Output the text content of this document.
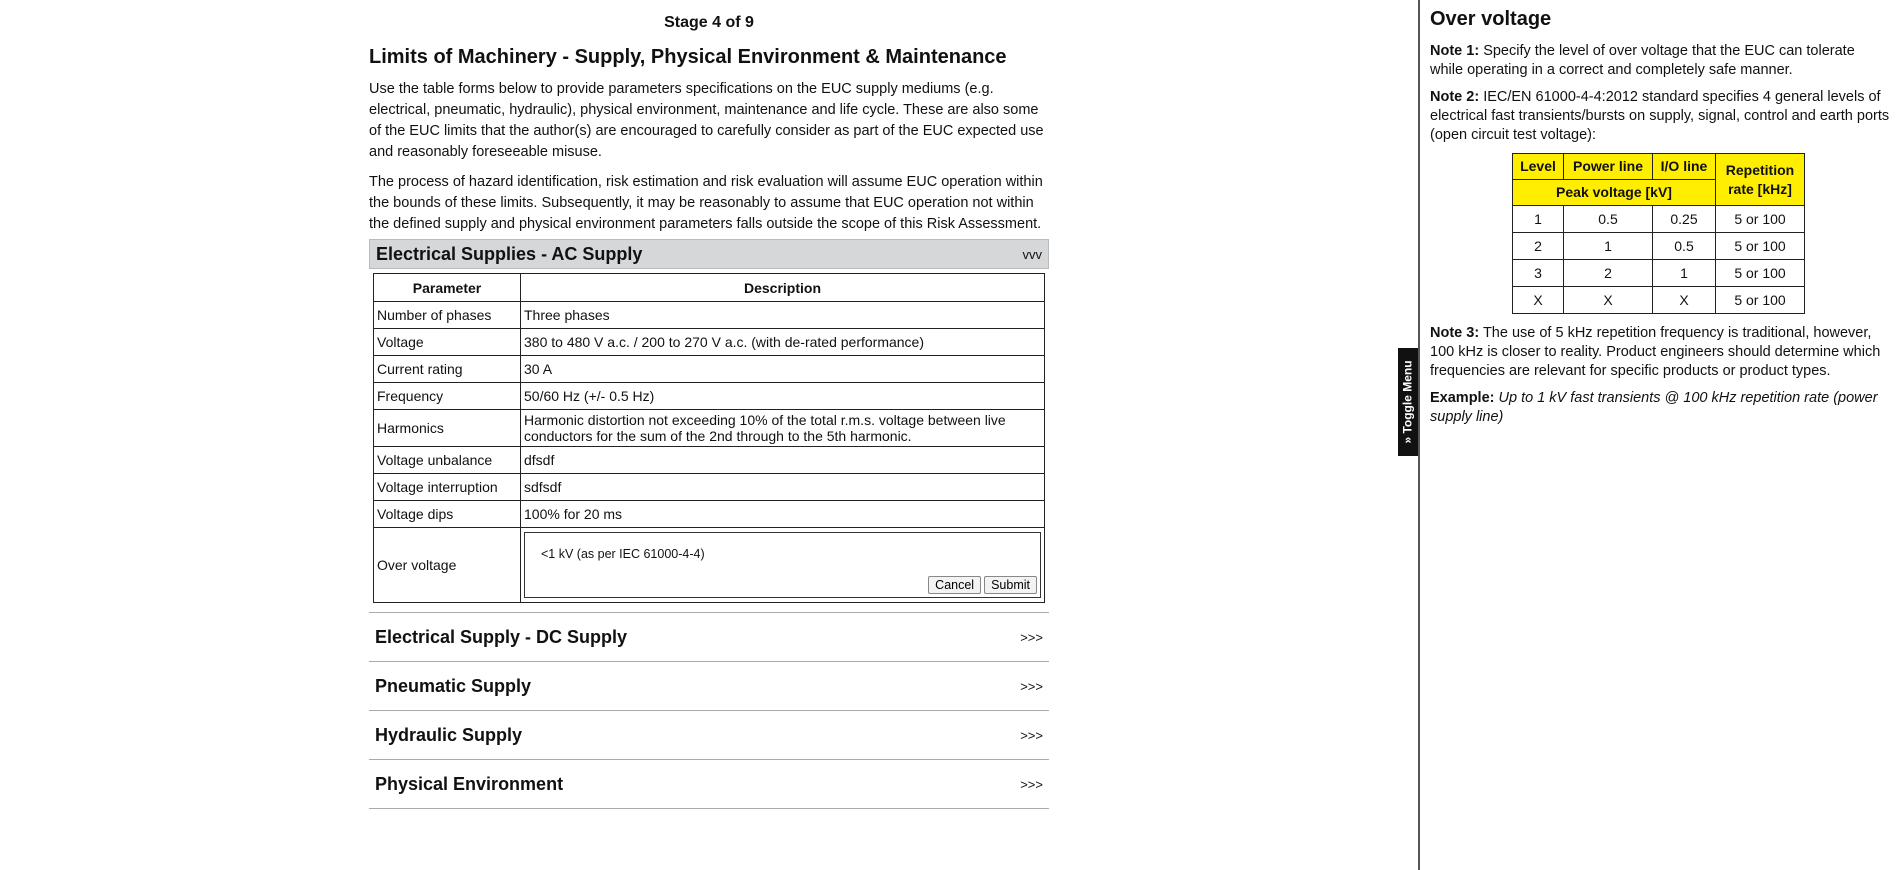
Stage 4 of 9
Limits of Machinery - Supply, Physical Environment & Maintenance

Use the table forms below to provide parameters specifications on the EUC supply mediums (e.g. electrical, pneumatic, hydraulic), physical environment, maintenance and life cycle. These are also some of the EUC limits that the author(s) are encouraged to carefully consider as part of the EUC expected use and reasonably foreseeable misuse.

The process of hazard identification, risk estimation and risk evaluation will assume EUC operation within the bounds of these limits. Subsequently, it may be reasonably to assume that EUC operation not within the defined supply and physical environment parameters falls outside the scope of this Risk Assessment.

Electrical Supplies - AC Supply	vvv
Parameter	Description
Number of phases	Three phases
Voltage	380 to 480 V a.c. / 200 to 270 V a.c. (with de-rated performance)
Current rating	30 A
Frequency	50/60 Hz (+/- 0.5 Hz)
Harmonics	Harmonic distortion not exceeding 10% of the total r.m.s. voltage between live conductors for the sum of the 2nd through to the 5th harmonic.
Voltage unbalance	dfsdf
Voltage interruption	sdfsdf
Voltage dips	100% for 20 ms
Over voltage	<1 kV (as per IEC 61000-4-4)
Cancel Submit
Electrical Supply - DC Supply	>>>
Pneumatic Supply	>>>
Hydraulic Supply	>>>
Physical Environment	>>>
» Toggle Menu
Over voltage

Note 1: Specify the level of over voltage that the EUC can tolerate while operating in a correct and completely safe manner.

Note 2: IEC/EN 61000-4-4:2012 standard specifies 4 general levels of electrical fast transients/bursts on supply, signal, control and earth ports (open circuit test voltage):

Level	Power line	I/O line	Repetition rate [kHz]
Peak voltage [kV]			
1	0.5	0.25	5 or 100
2	1	0.5	5 or 100
3	2	1	5 or 100
X	X	X	5 or 100

Note 3: The use of 5 kHz repetition frequency is traditional, however, 100 kHz is closer to reality. Product engineers should determine which frequencies are relevant for specific products or product types.

Example: Up to 1 kV fast transients @ 100 kHz repetition rate (power supply line)
